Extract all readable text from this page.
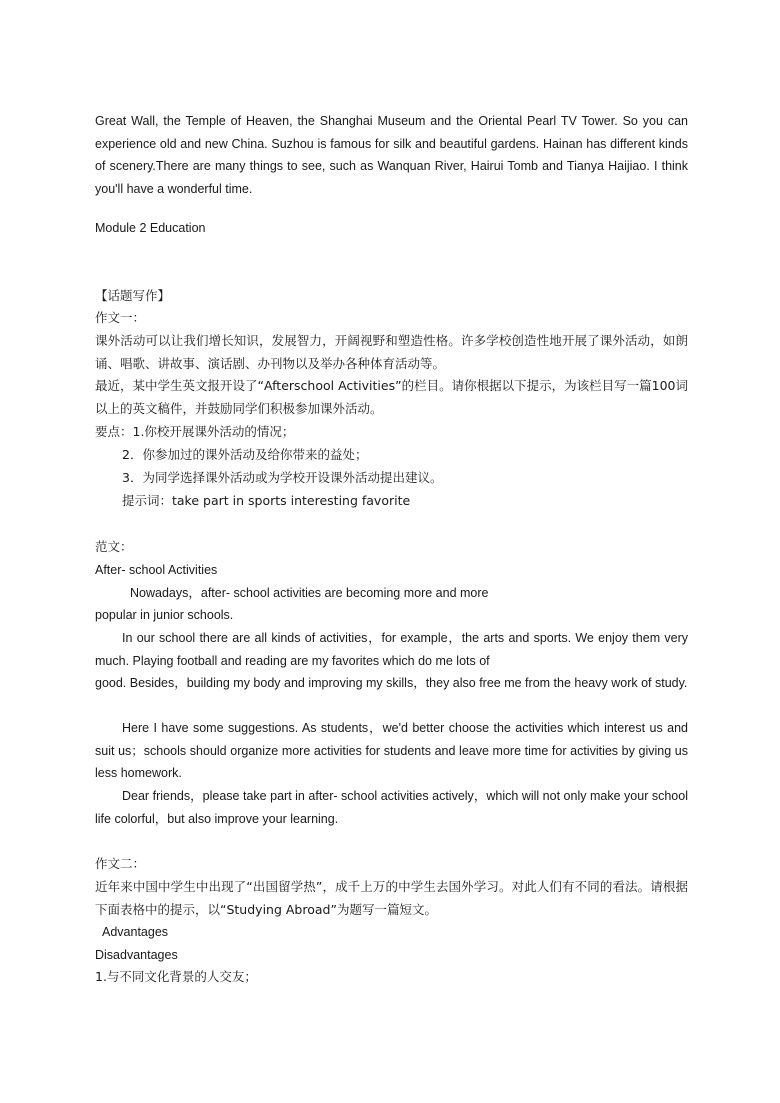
Great Wall, the Temple of Heaven, the Shanghai Museum and the Oriental Pearl TV Tower. So you can experience old and new China. Suzhou is famous for silk and beautiful gardens. Hainan has different kinds of scenery.There are many things to see, such as Wanquan River, Hairui Tomb and Tianya Haijiao. I think you'll have a wonderful time.

Module 2 Education

【话题写作】

作文一：

课外活动可以让我们增长知识，发展智力，开阔视野和塑造性格。许多学校创造性地开展了课外活动，如朗诵、唱歌、讲故事、演话剧、办刊物以及举办各种体育活动等。

最近，某中学生英文报开设了“Afterschool Activities”的栏目。请你根据以下提示，为该栏目写一篇100词以上的英文稿件，并鼓励同学们积极参加课外活动。

要点：1.你校开展课外活动的情况；

2．你参加过的课外活动及给你带来的益处；

3．为同学选择课外活动或为学校开设课外活动提出建议。

提示词：take part in sports interesting favorite

范文：

After- school Activities

Nowadays，after- school activities are becoming more and more

popular in junior schools.

In our school there are all kinds of activities，for example，the arts and sports. We enjoy them very much. Playing football and reading are my favorites which do me lots of

good. Besides，building my body and improving my skills，they also free me from the heavy work of study.

Here I have some suggestions. As students，we'd better choose the activities which interest us and suit us；schools should organize more activities for students and leave more time for activities by giving us less homework.

Dear friends，please take part in after- school activities actively，which will not only make your school life colorful，but also improve your learning.

作文二：

近年来中国中学生中出现了“出国留学热”，成千上万的中学生去国外学习。对此人们有不同的看法。请根据下面表格中的提示，以“Studying Abroad”为题写一篇短文。

Advantages

Disadvantages

1.与不同文化背景的人交友；
